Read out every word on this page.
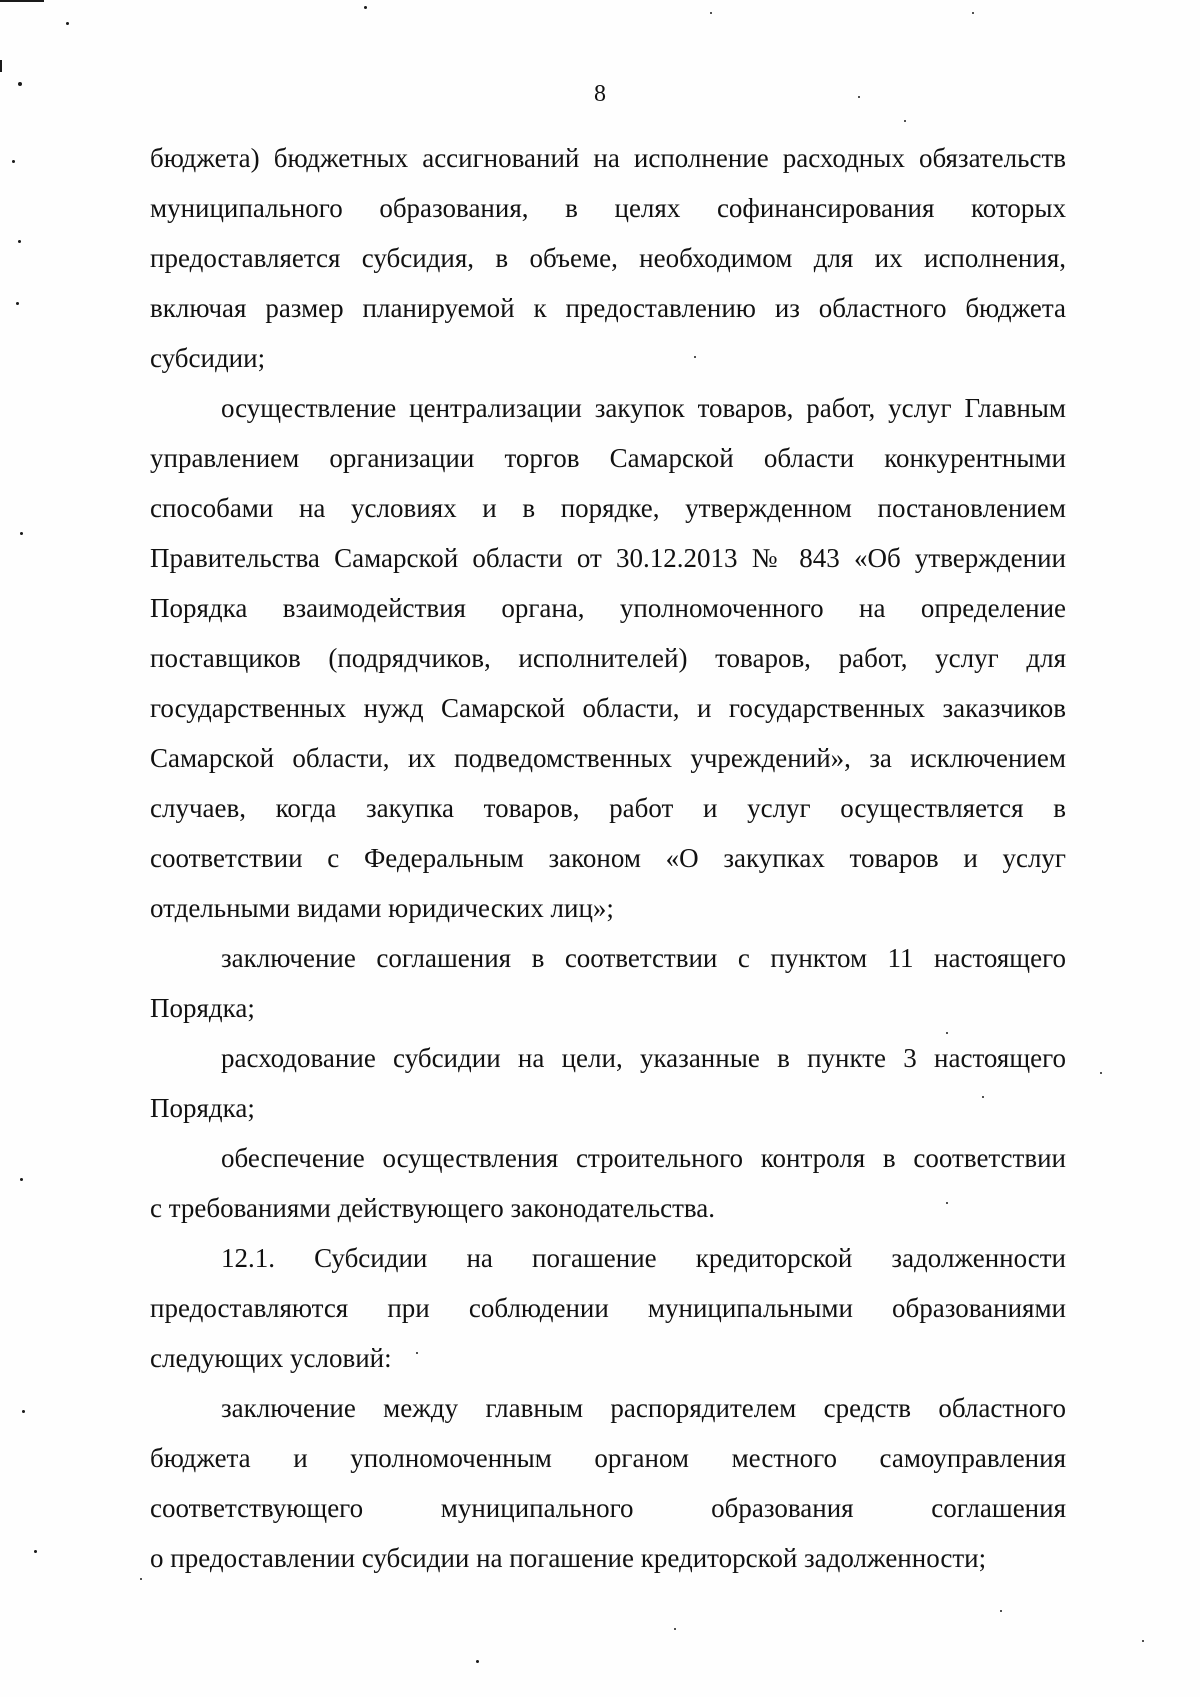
8
бюджета) бюджетных ассигнований на исполнение расходных обязательств
муниципального образования, в целях софинансирования которых
предоставляется субсидия, в объеме, необходимом для их исполнения,
включая размер планируемой к предоставлению из областного бюджета
субсидии;
осуществление централизации закупок товаров, работ, услуг Главным
управлением организации торгов Самарской области конкурентными
способами на условиях и в порядке, утвержденном постановлением
Правительства Самарской области от 30.12.2013 № 843 «Об утверждении
Порядка взаимодействия органа, уполномоченного на определение
поставщиков (подрядчиков, исполнителей) товаров, работ, услуг для
государственных нужд Самарской области, и государственных заказчиков
Самарской области, их подведомственных учреждений», за исключением
случаев, когда закупка товаров, работ и услуг осуществляется в
соответствии с Федеральным законом «О закупках товаров и услуг
отдельными видами юридических лиц»;
заключение соглашения в соответствии с пунктом 11 настоящего
Порядка;
расходование субсидии на цели, указанные в пункте 3 настоящего
Порядка;
обеспечение осуществления строительного контроля в соответствии
с требованиями действующего законодательства.
12.1. Субсидии на погашение кредиторской задолженности
предоставляются при соблюдении муниципальными образованиями
следующих условий:
заключение между главным распорядителем средств областного
бюджета и уполномоченным органом местного самоуправления
соответствующего муниципального образования соглашения
о предоставлении субсидии на погашение кредиторской задолженности;
